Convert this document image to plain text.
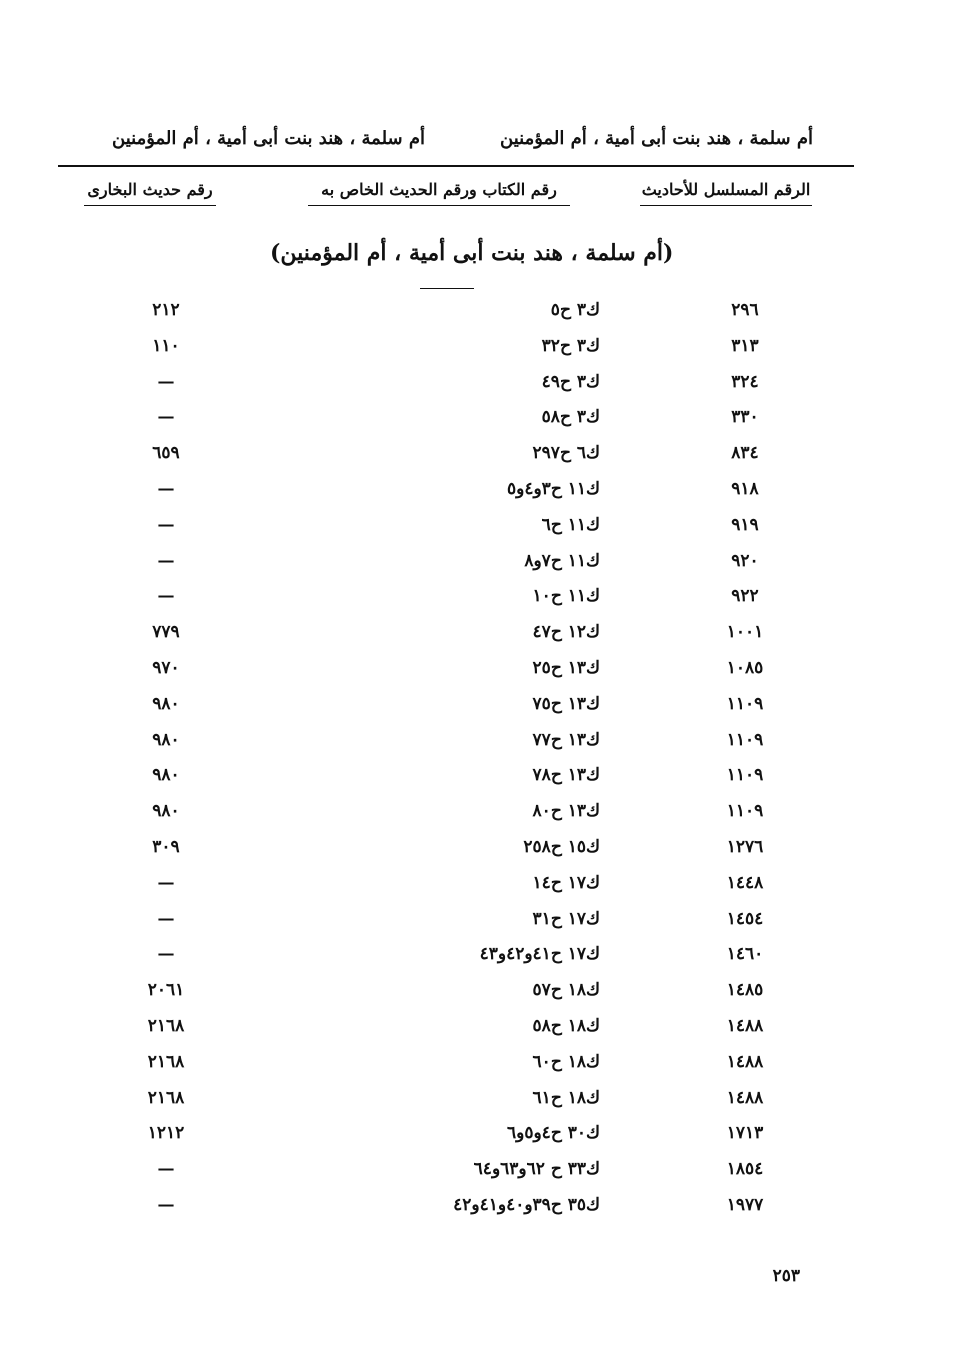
أم سلمة ، هند بنت أبى أمية ، أم المؤمنين
أم سلمة ، هند بنت أبى أمية ، أم المؤمنين
الرقم المسلسل للأحاديث
رقم الكتاب ورقم الحديث الخاص به
رقم حديث البخارى
(أم سلمة ، هند بنت أبى أمية ، أم المؤمنين)
٢٩٦
ك٣ ح٥
٢١٢
٣١٣
ك٣ ح٣٢
١١٠
٣٢٤
ك٣ ح٤٩
—
٣٣٠
ك٣ ح٥٨
—
٨٣٤
ك٦ ح٢٩٧
٦٥٩
٩١٨
ك١١ ح٣و٤و٥
—
٩١٩
ك١١ ح٦
—
٩٢٠
ك١١ ح٧و٨
—
٩٢٢
ك١١ ح١٠
—
١٠٠١
ك١٢ ح٤٧
٧٧٩
١٠٨٥
ك١٣ ح٢٥
٩٧٠
١١٠٩
ك١٣ ح٧٥
٩٨٠
١١٠٩
ك١٣ ح٧٧
٩٨٠
١١٠٩
ك١٣ ح٧٨
٩٨٠
١١٠٩
ك١٣ ح٨٠
٩٨٠
١٢٧٦
ك١٥ ح٢٥٨
٣٠٩
١٤٤٨
ك١٧ ح١٤
—
١٤٥٤
ك١٧ ح٣١
—
١٤٦٠
ك١٧ ح٤١و٤٢و٤٣
—
١٤٨٥
ك١٨ ح٥٧
٢٠٦١
١٤٨٨
ك١٨ ح٥٨
٢١٦٨
١٤٨٨
ك١٨ ح٦٠
٢١٦٨
١٤٨٨
ك١٨ ح٦١
٢١٦٨
١٧١٣
ك٣٠ ح٤و٥و٦
١٢١٢
١٨٥٤
ك٣٣ ح ٦٢و٦٣و٦٤
—
١٩٧٧
ك٣٥ ح٣٩و٤٠و٤١و٤٢
—
٢٥٣
